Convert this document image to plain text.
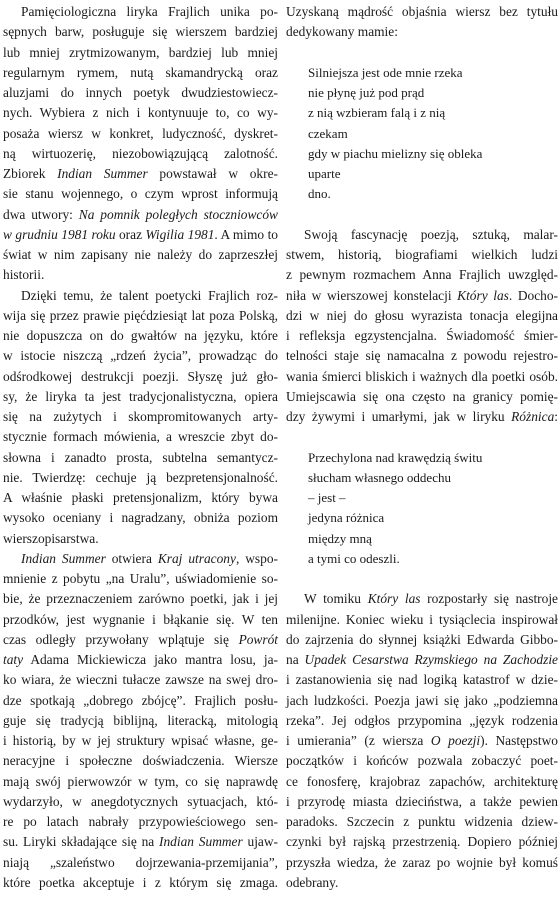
Pamięciologiczna liryka Frajlich unika po-
sępnych barw, posługuje się wierszem bardziej
lub mniej zrytmizowanym, bardziej lub mniej
regularnym rymem, nutą skamandrycką oraz
aluzjami do innych poetyk dwudziestowiecz-
nych. Wybiera z nich i kontynuuje to, co wy-
posaża wiersz w konkret, ludyczność, dyskret-
ną wirtuozerię, niezobowiązującą zalotność.
Zbiorek Indian Summer powstawał w okre-
sie stanu wojennego, o czym wprost informują
dwa utwory: Na pomnik poległych stoczniowców
w grudniu 1981 roku oraz Wigilia 1981. A mimo to
świat w nim zapisany nie należy do zaprzeszłej
historii.
Dzięki temu, że talent poetycki Frajlich roz-
wija się przez prawie pięćdziesiąt lat poza Polską,
nie dopuszcza on do gwałtów na języku, które
w istocie niszczą „rdzeń życia”, prowadząc do
odśrodkowej destrukcji poezji. Słyszę już gło-
sy, że liryka ta jest tradycjonalistyczna, opiera
się na zużytych i skompromitowanych arty-
stycznie formach mówienia, a wreszcie zbyt do-
słowna i zanadto prosta, subtelna semantycz-
nie. Twierdzę: cechuje ją bezpretensjonalność.
A właśnie płaski pretensjonalizm, który bywa
wysoko oceniany i nagradzany, obniża poziom
wierszopisarstwa.
Indian Summer otwiera Kraj utracony, wspo-
mnienie z pobytu „na Uralu”, uświadomienie so-
bie, że przeznaczeniem zarówno poetki, jak i jej
przodków, jest wygnanie i błąkanie się. W ten
czas odległy przywołany wplątuje się Powrót
taty Adama Mickiewicza jako mantra losu, ja-
ko wiara, że wieczni tułacze zawsze na swej dro-
dze spotkają „dobrego zbójcę”. Frajlich posłu-
guje się tradycją biblijną, literacką, mitologią
i historią, by w jej struktury wpisać własne, ge-
neracyjne i społeczne doświadczenia. Wiersze
mają swój pierwowzór w tym, co się naprawdę
wydarzyło, w anegdotycznych sytuacjach, któ-
re po latach nabrały przypowieściowego sen-
su. Liryki składające się na Indian Summer ujaw-
niają „szaleństwo dojrzewania-przemijania”,
które poetka akceptuje i z którym się zmaga.
Uzyskaną mądrość objaśnia wiersz bez tytułu
dedykowany mamie:
Silniejsza jest ode mnie rzeka
nie płynę już pod prąd
z nią wzbieram falą i z nią
czekam
gdy w piachu mielizny się obleka
uparte
dno.
Swoją fascynację poezją, sztuką, malar-
stwem, historią, biografiami wielkich ludzi
z pewnym rozmachem Anna Frajlich uwzględ-
niła w wierszowej konstelacji Który las. Docho-
dzi w niej do głosu wyrazista tonacja elegijna
i refleksja egzystencjalna. Świadomość śmier-
telności staje się namacalna z powodu rejestro-
wania śmierci bliskich i ważnych dla poetki osób.
Umiejscawia się ona często na granicy pomię-
dzy żywymi i umarłymi, jak w liryku Różnica:
Przechylona nad krawędzią świtu
słucham własnego oddechu
– jest –
jedyna różnica
między mną
a tymi co odeszli.
W tomiku Który las rozpostarły się nastroje
milenijne. Koniec wieku i tysiąclecia inspirował
do zajrzenia do słynnej książki Edwarda Gibbo-
na Upadek Cesarstwa Rzymskiego na Zachodzie
i zastanowienia się nad logiką katastrof w dzie-
jach ludzkości. Poezja jawi się jako „podziemna
rzeka”. Jej odgłos przypomina „język rodzenia
i umierania” (z wiersza O poezji). Następstwo
początków i końców pozwala zobaczyć poet-
ce fonosferę, krajobraz zapachów, architekturę
i przyrodę miasta dzieciństwa, a także pewien
paradoks. Szczecin z punktu widzenia dziew-
czynki był rajską przestrzenią. Dopiero później
przyszła wiedza, że zaraz po wojnie był komuś
odebrany.
